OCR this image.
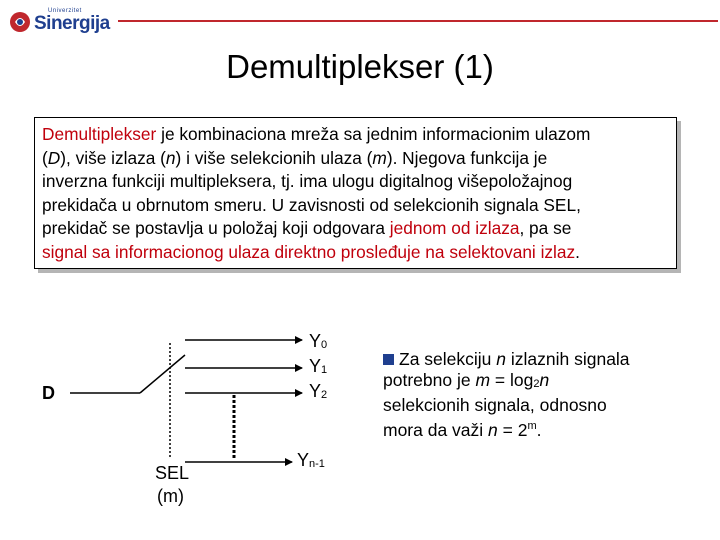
Univerzitet
Sinergija
Demultiplekser (1)

Demultiplekser je kombinaciona mreža sa jednim informacionim ulazom
(D), više izlaza (n) i više selekcionih ulaza (m). Njegova funkcija je
inverzna funkciji multipleksera, tj. ima ulogu digitalnog višepoložajnog
prekidača u obrnutom smeru. U zavisnosti od selekcionih signala SEL,
prekidač se postavlja u položaj koji odgovara jednom od izlaza, pa se
signal sa informacionog ulaza direktno prosleđuje na selektovani izlaz.

D
Y0
Y1
Y2
Yn-1
SEL
(m)
Za selekciju n izlaznih signala
potrebno je m = log2n
selekcionih signala, odnosno
mora da važi $n = 2^m$.
